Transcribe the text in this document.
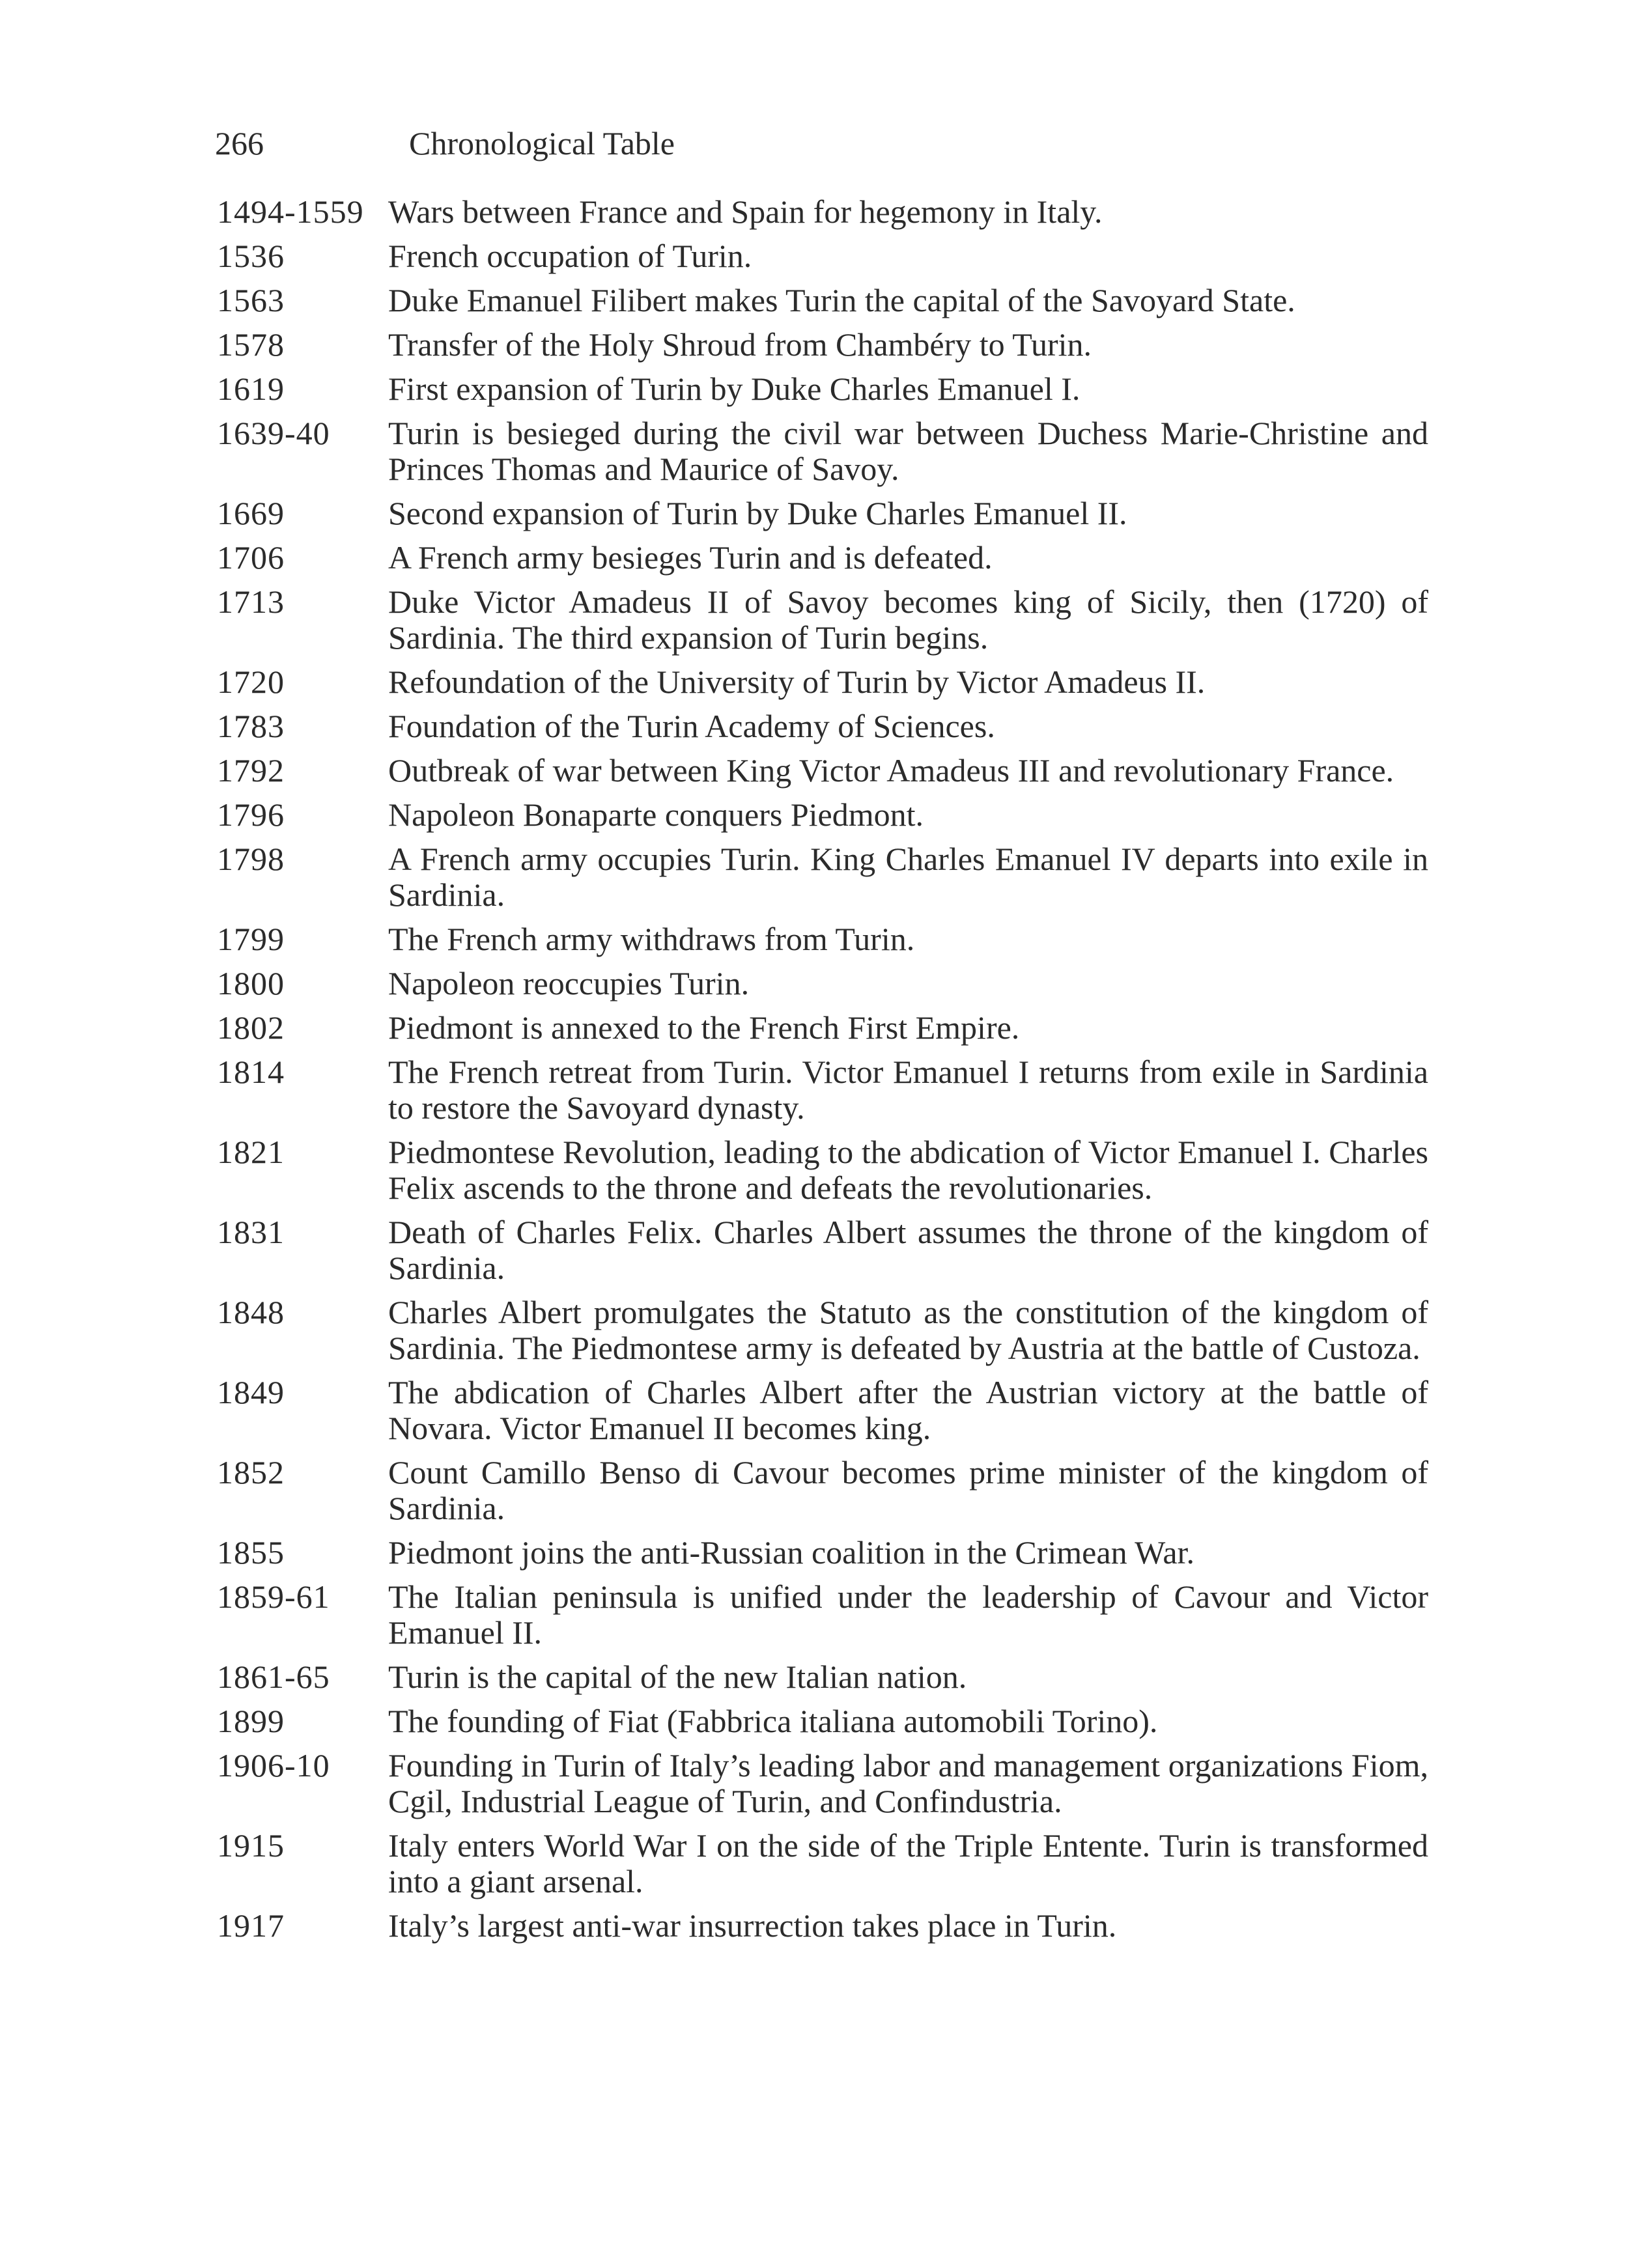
266	Chronological Table
1494-1559 Wars between France and Spain for hegemony in Italy.
1536	French occupation of Turin.
1563	Duke Emanuel Filibert makes Turin the capital of the Savoyard State.
1578	Transfer of the Holy Shroud from Chambéry to Turin.
1619	First expansion of Turin by Duke Charles Emanuel I.
1639-40	Turin is besieged during the civil war between Duchess Marie-Christine and Princes Thomas and Maurice of Savoy.
1669	Second expansion of Turin by Duke Charles Emanuel II.
1706	A French army besieges Turin and is defeated.
1713	Duke Victor Amadeus II of Savoy becomes king of Sicily, then (1720) of Sardinia. The third expansion of Turin begins.
1720	Refoundation of the University of Turin by Victor Amadeus II.
1783	Foundation of the Turin Academy of Sciences.
1792	Outbreak of war between King Victor Amadeus III and revolutionary France.
1796	Napoleon Bonaparte conquers Piedmont.
1798	A French army occupies Turin. King Charles Emanuel IV departs into exile in Sardinia.
1799	The French army withdraws from Turin.
1800	Napoleon reoccupies Turin.
1802	Piedmont is annexed to the French First Empire.
1814	The French retreat from Turin. Victor Emanuel I returns from exile in Sardinia to restore the Savoyard dynasty.
1821	Piedmontese Revolution, leading to the abdication of Victor Emanuel I. Charles Felix ascends to the throne and defeats the revolutionaries.
1831	Death of Charles Felix. Charles Albert assumes the throne of the kingdom of Sardinia.
1848	Charles Albert promulgates the Statuto as the constitution of the kingdom of Sardinia. The Piedmontese army is defeated by Austria at the battle of Custoza.
1849	The abdication of Charles Albert after the Austrian victory at the battle of Novara. Victor Emanuel II becomes king.
1852	Count Camillo Benso di Cavour becomes prime minister of the kingdom of Sardinia.
1855	Piedmont joins the anti-Russian coalition in the Crimean War.
1859-61	The Italian peninsula is unified under the leadership of Cavour and Victor Emanuel II.
1861-65	Turin is the capital of the new Italian nation.
1899	The founding of Fiat (Fabbrica italiana automobili Torino).
1906-10	Founding in Turin of Italy’s leading labor and management organizations Fiom, Cgil, Industrial League of Turin, and Confindustria.
1915	Italy enters World War I on the side of the Triple Entente. Turin is transformed into a giant arsenal.
1917	Italy’s largest anti-war insurrection takes place in Turin.
